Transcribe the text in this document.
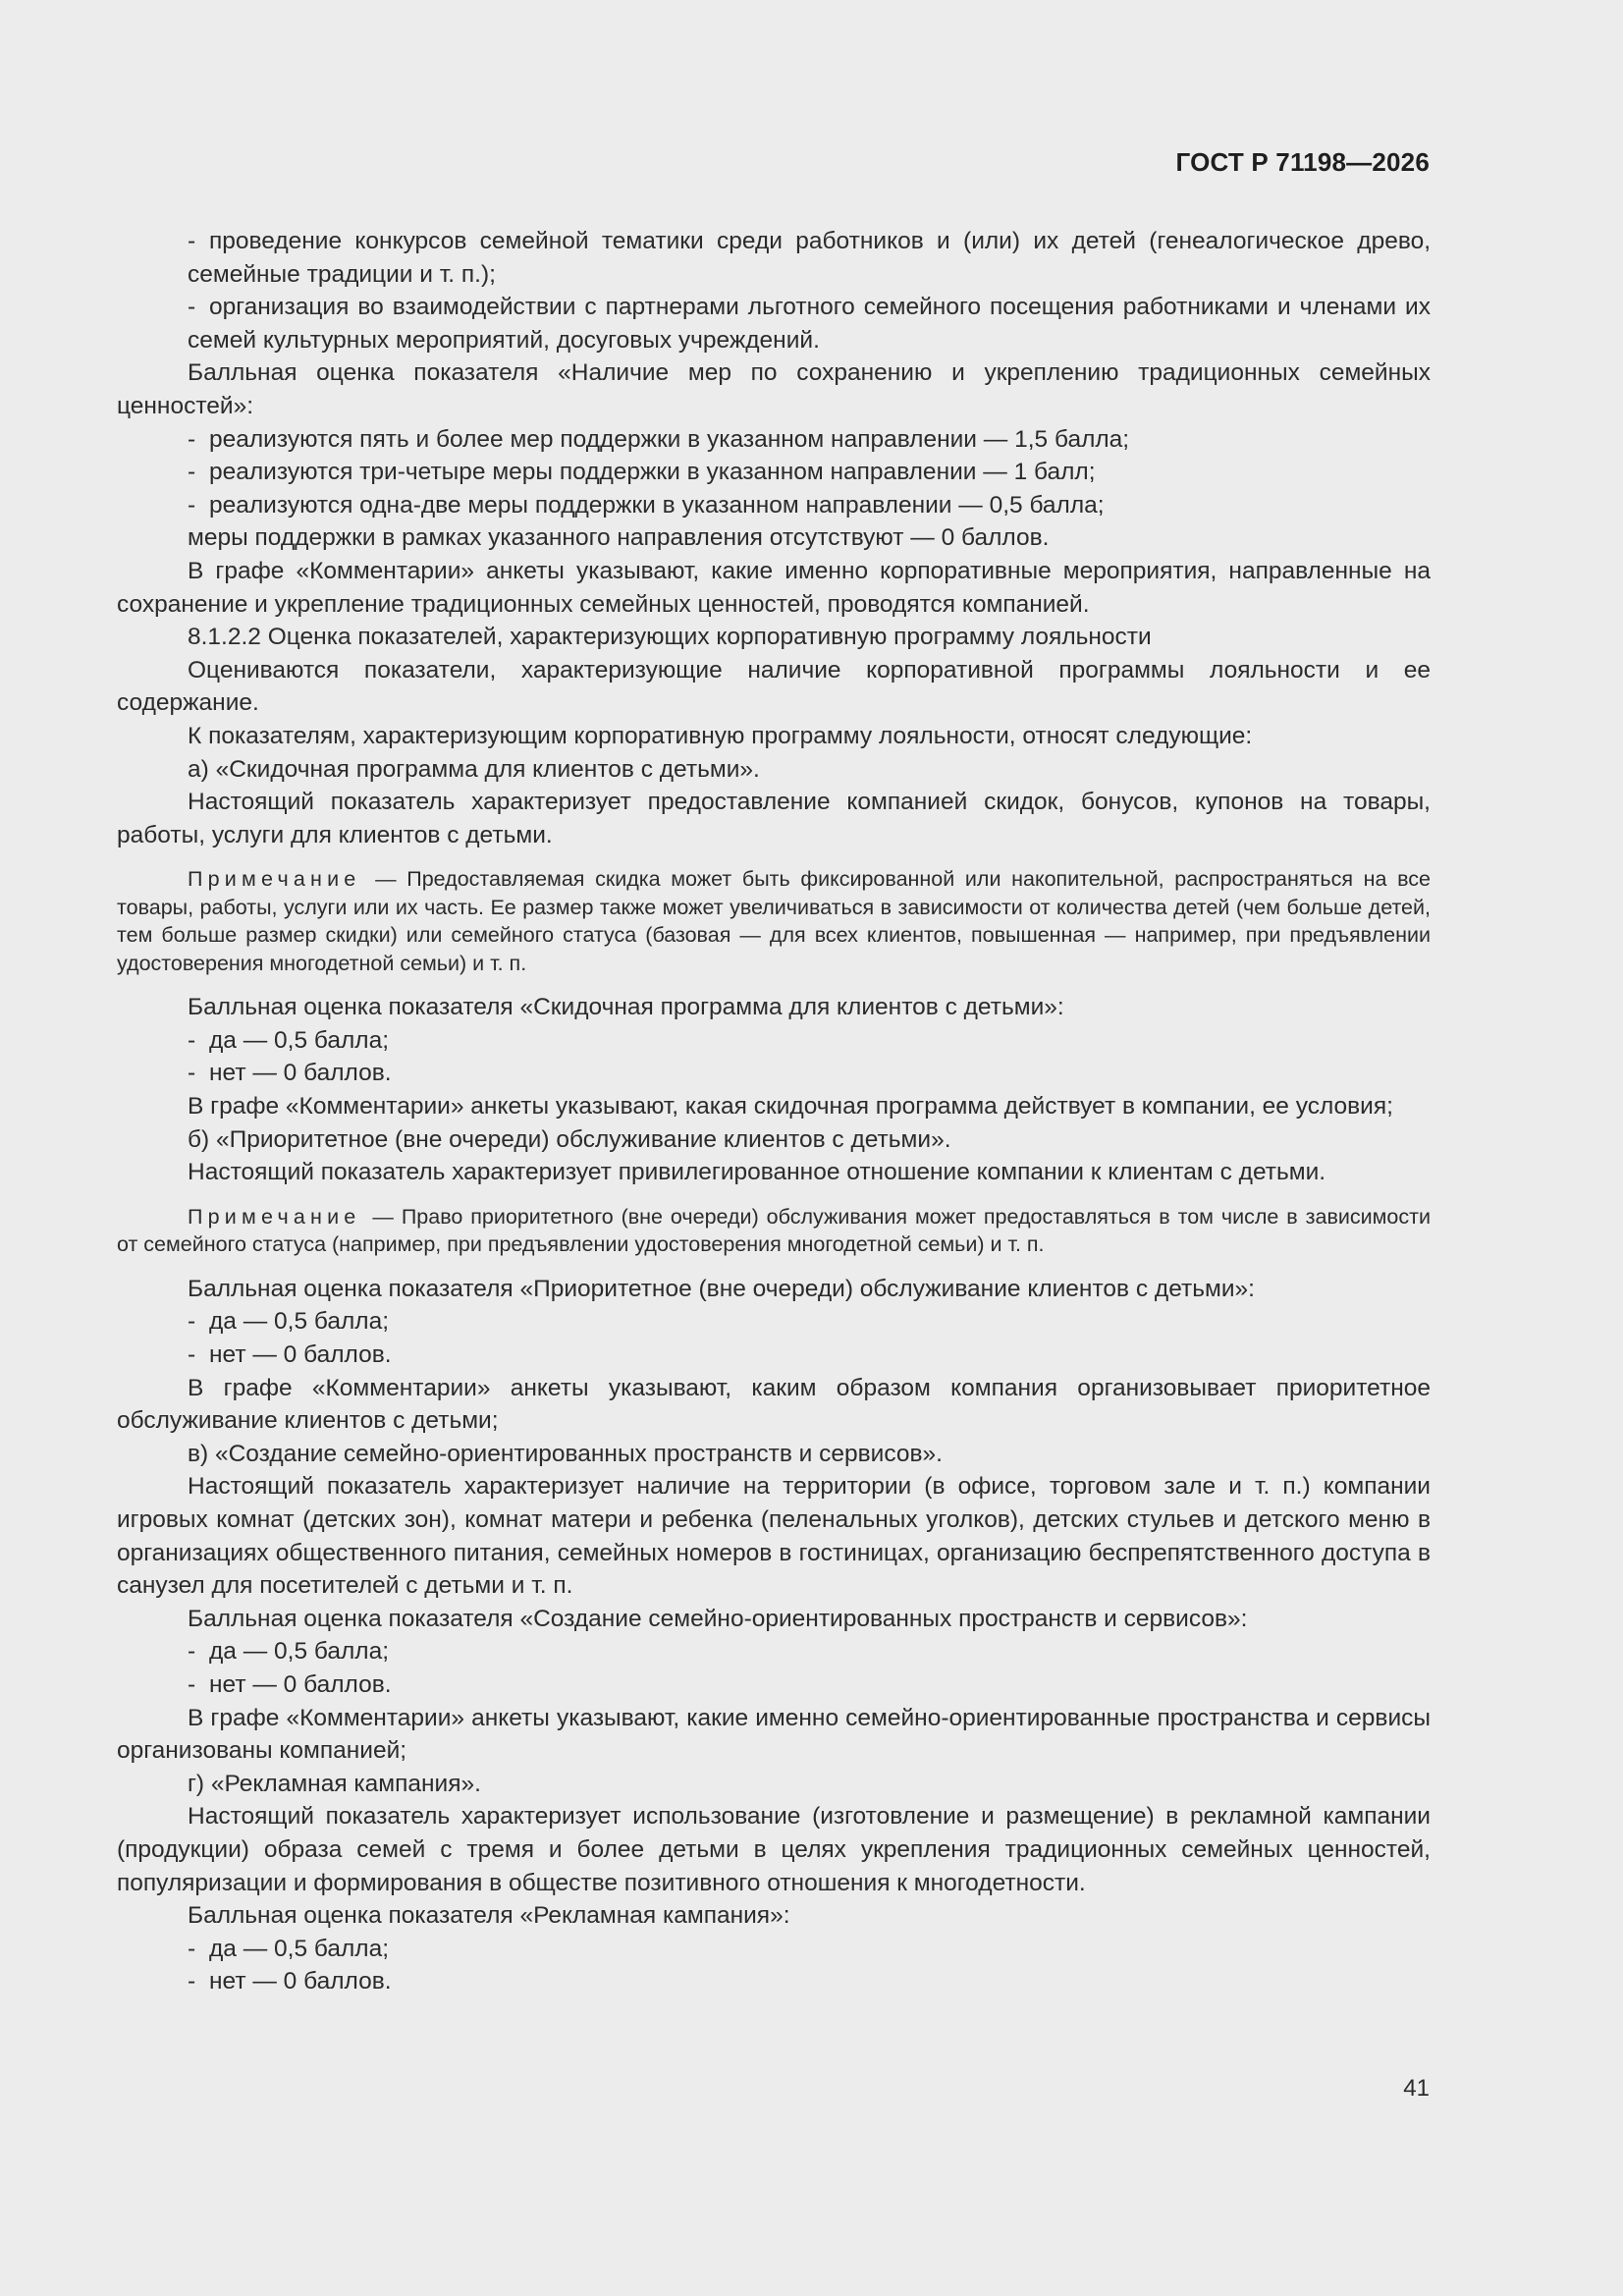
ГОСТ Р 71198—2026

- проведение конкурсов семейной тематики среди работников и (или) их детей (генеалогическое древо, семейные традиции и т. п.);

- организация во взаимодействии с партнерами льготного семейного посещения работниками и членами их семей культурных мероприятий, досуговых учреждений.

Балльная оценка показателя «Наличие мер по сохранению и укреплению традиционных семейных ценностей»:

- реализуются пять и более мер поддержки в указанном направлении — 1,5 балла;

- реализуются три-четыре меры поддержки в указанном направлении — 1 балл;

- реализуются одна-две меры поддержки в указанном направлении — 0,5 балла;

меры поддержки в рамках указанного направления отсутствуют — 0 баллов.

В графе «Комментарии» анкеты указывают, какие именно корпоративные мероприятия, направленные на сохранение и укрепление традиционных семейных ценностей, проводятся компанией.

8.1.2.2 Оценка показателей, характеризующих корпоративную программу лояльности

Оцениваются показатели, характеризующие наличие корпоративной программы лояльности и ее содержание.

К показателям, характеризующим корпоративную программу лояльности, относят следующие:

а) «Скидочная программа для клиентов с детьми».

Настоящий показатель характеризует предоставление компанией скидок, бонусов, купонов на товары, работы, услуги для клиентов с детьми.

Примечание — Предоставляемая скидка может быть фиксированной или накопительной, распространяться на все товары, работы, услуги или их часть. Ее размер также может увеличиваться в зависимости от количества детей (чем больше детей, тем больше размер скидки) или семейного статуса (базовая — для всех клиентов, повышенная — например, при предъявлении удостоверения многодетной семьи) и т. п.

Балльная оценка показателя «Скидочная программа для клиентов с детьми»:

- да — 0,5 балла;

- нет — 0 баллов.

В графе «Комментарии» анкеты указывают, какая скидочная программа действует в компании, ее условия;

б) «Приоритетное (вне очереди) обслуживание клиентов с детьми».

Настоящий показатель характеризует привилегированное отношение компании к клиентам с детьми.

Примечание — Право приоритетного (вне очереди) обслуживания может предоставляться в том числе в зависимости от семейного статуса (например, при предъявлении удостоверения многодетной семьи) и т. п.

Балльная оценка показателя «Приоритетное (вне очереди) обслуживание клиентов с детьми»:

- да — 0,5 балла;

- нет — 0 баллов.

В графе «Комментарии» анкеты указывают, каким образом компания организовывает приоритетное обслуживание клиентов с детьми;

в) «Создание семейно-ориентированных пространств и сервисов».

Настоящий показатель характеризует наличие на территории (в офисе, торговом зале и т. п.) компании игровых комнат (детских зон), комнат матери и ребенка (пеленальных уголков), детских стульев и детского меню в организациях общественного питания, семейных номеров в гостиницах, организацию беспрепятственного доступа в санузел для посетителей с детьми и т. п.

Балльная оценка показателя «Создание семейно-ориентированных пространств и сервисов»:

- да — 0,5 балла;

- нет — 0 баллов.

В графе «Комментарии» анкеты указывают, какие именно семейно-ориентированные пространства и сервисы организованы компанией;

г) «Рекламная кампания».

Настоящий показатель характеризует использование (изготовление и размещение) в рекламной кампании (продукции) образа семей с тремя и более детьми в целях укрепления традиционных семейных ценностей, популяризации и формирования в обществе позитивного отношения к многодетности.

Балльная оценка показателя «Рекламная кампания»:

- да — 0,5 балла;

- нет — 0 баллов.

41
